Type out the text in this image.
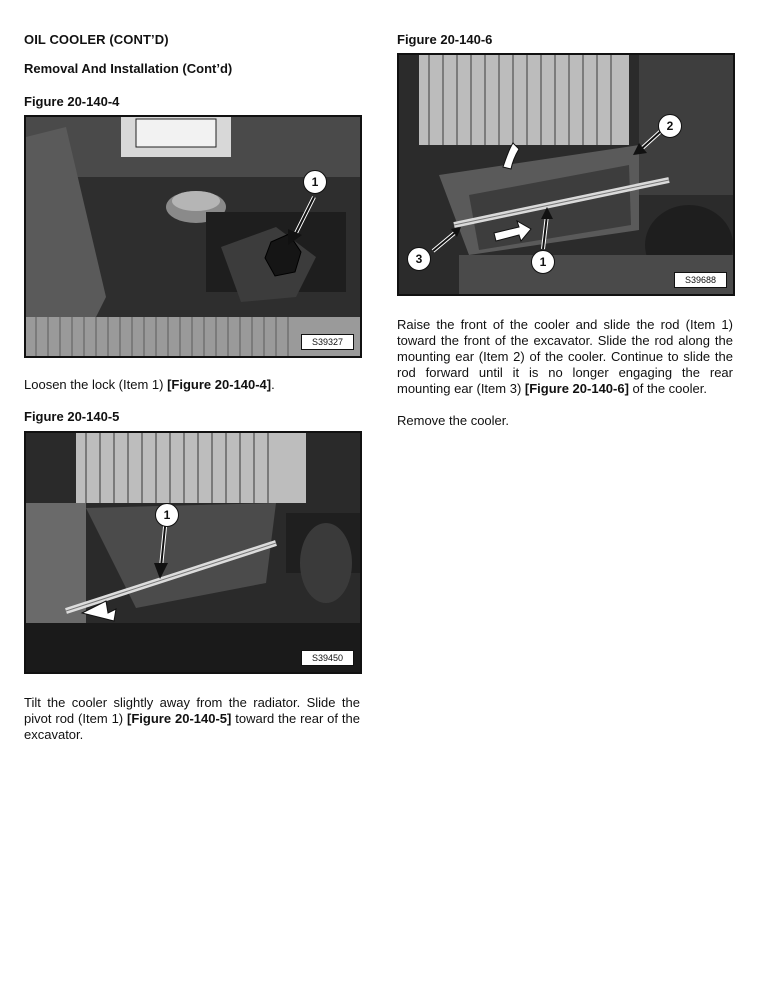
OIL COOLER (CONT’D)
Removal And Installation (Cont’d)
Figure 20-140-4
1
S39327
Loosen the lock (Item 1) [Figure 20-140-4].
Figure 20-140-5
1
S39450
Tilt the cooler slightly away from the radiator. Slide the pivot rod (Item 1) [Figure 20-140-5] toward the rear of the excavator.
Figure 20-140-6
2
3	1
S39688
Raise the front of the cooler and slide the rod (Item 1) toward the front of the excavator. Slide the rod along the mounting ear (Item 2) of the cooler. Continue to slide the rod forward until it is no longer engaging the rear mounting ear (Item 3) [Figure 20-140-6] of the cooler.
Remove the cooler.
